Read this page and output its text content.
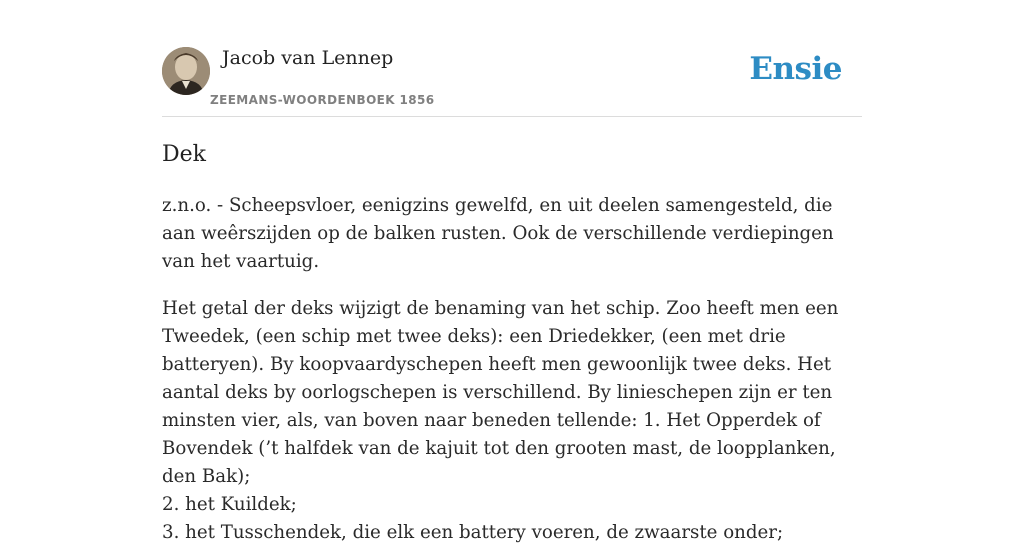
Jacob van Lennep
ZEEMANS-WOORDENBOEK 1856
Ensie
Dek

z.n.o. - Scheepsvloer, eenigzins gewelfd, en uit deelen samengesteld, die aan weêrszijden op de balken rusten. Ook de verschillende verdiepingen van het vaartuig.

Het getal der deks wijzigt de benaming van het schip. Zoo heeft men een Tweedek, (een schip met twee deks): een Driedekker, (een met drie batteryen). By koopvaardyschepen heeft men gewoonlijk twee deks. Het aantal deks by oorlogschepen is verschillend. By linieschepen zijn er ten minsten vier, als, van boven naar beneden tellende: 1. Het Opperdek of Bovendek (’t halfdek van de kajuit tot den grooten mast, de loopplanken, den Bak);
2. het Kuildek;
3. het Tusschendek, die elk een battery voeren, de zwaarste onder;
